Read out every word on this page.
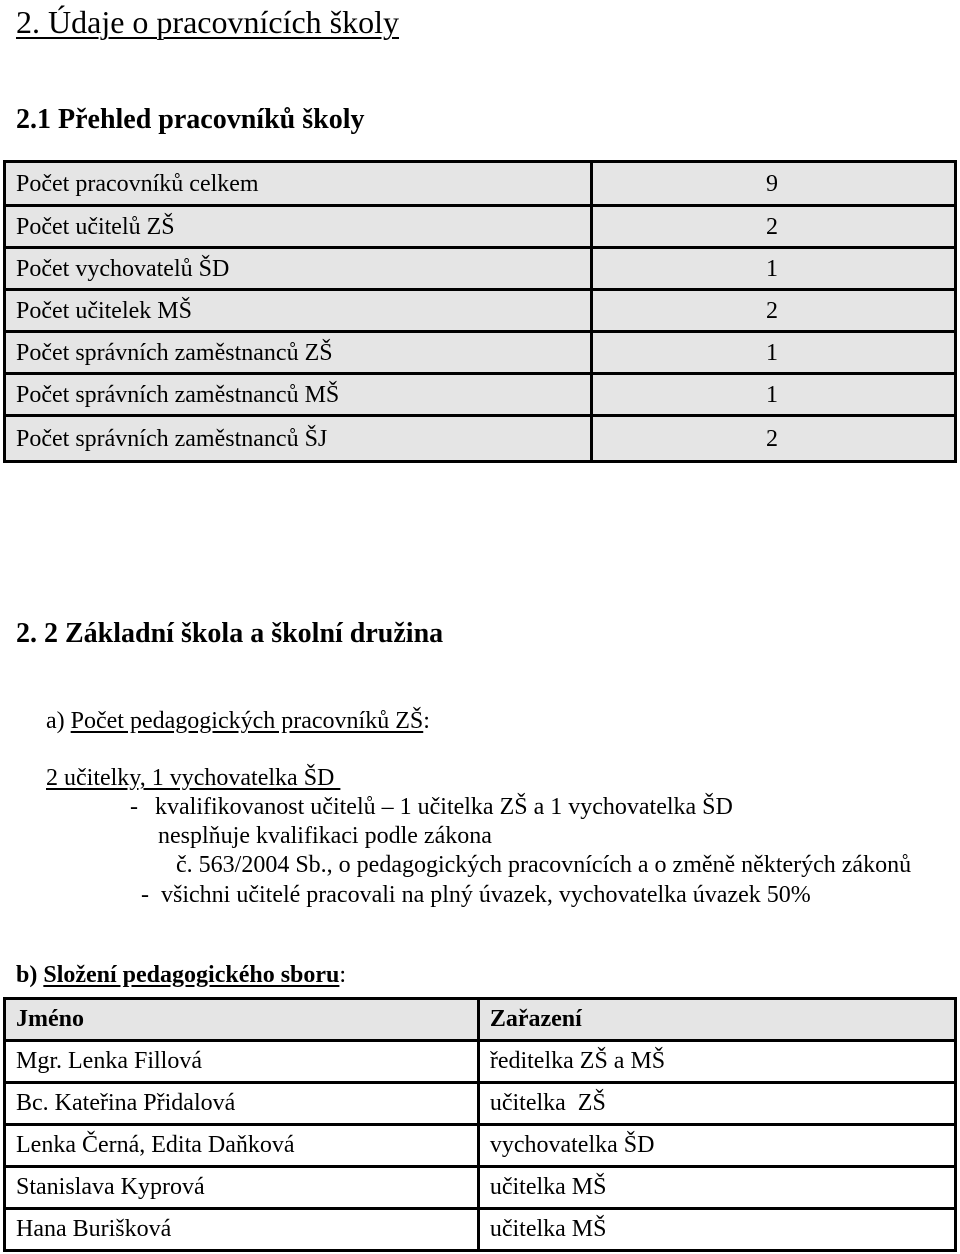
2. Údaje o pracovnících školy
2.1 Přehled pracovníků školy
Počet pracovníků celkem	9
Počet učitelů ZŠ	2
Počet vychovatelů ŠD	1
Počet učitelek MŠ	2
Počet správních zaměstnanců ZŠ	1
Počet správních zaměstnanců MŠ	1
Počet správních zaměstnanců ŠJ	2
2. 2 Základní škola a školní družina
a) Počet pedagogických pracovníků ZŠ:
2 učitelky, 1 vychovatelka ŠD
- kvalifikovanost učitelů – 1 učitelka ZŠ a 1 vychovatelka ŠD
nesplňuje kvalifikaci podle zákona
č. 563/2004 Sb., o pedagogických pracovnících a o změně některých zákonů
- všichni učitelé pracovali na plný úvazek, vychovatelka úvazek 50%
b) Složení pedagogického sboru:
Jméno	Zařazení
Mgr. Lenka Fillová	ředitelka ZŠ a MŠ
Bc. Kateřina Přidalová	učitelka  ZŠ
Lenka Černá, Edita Daňková	vychovatelka ŠD
Stanislava Kyprová	učitelka MŠ
Hana Burišková	učitelka MŠ
